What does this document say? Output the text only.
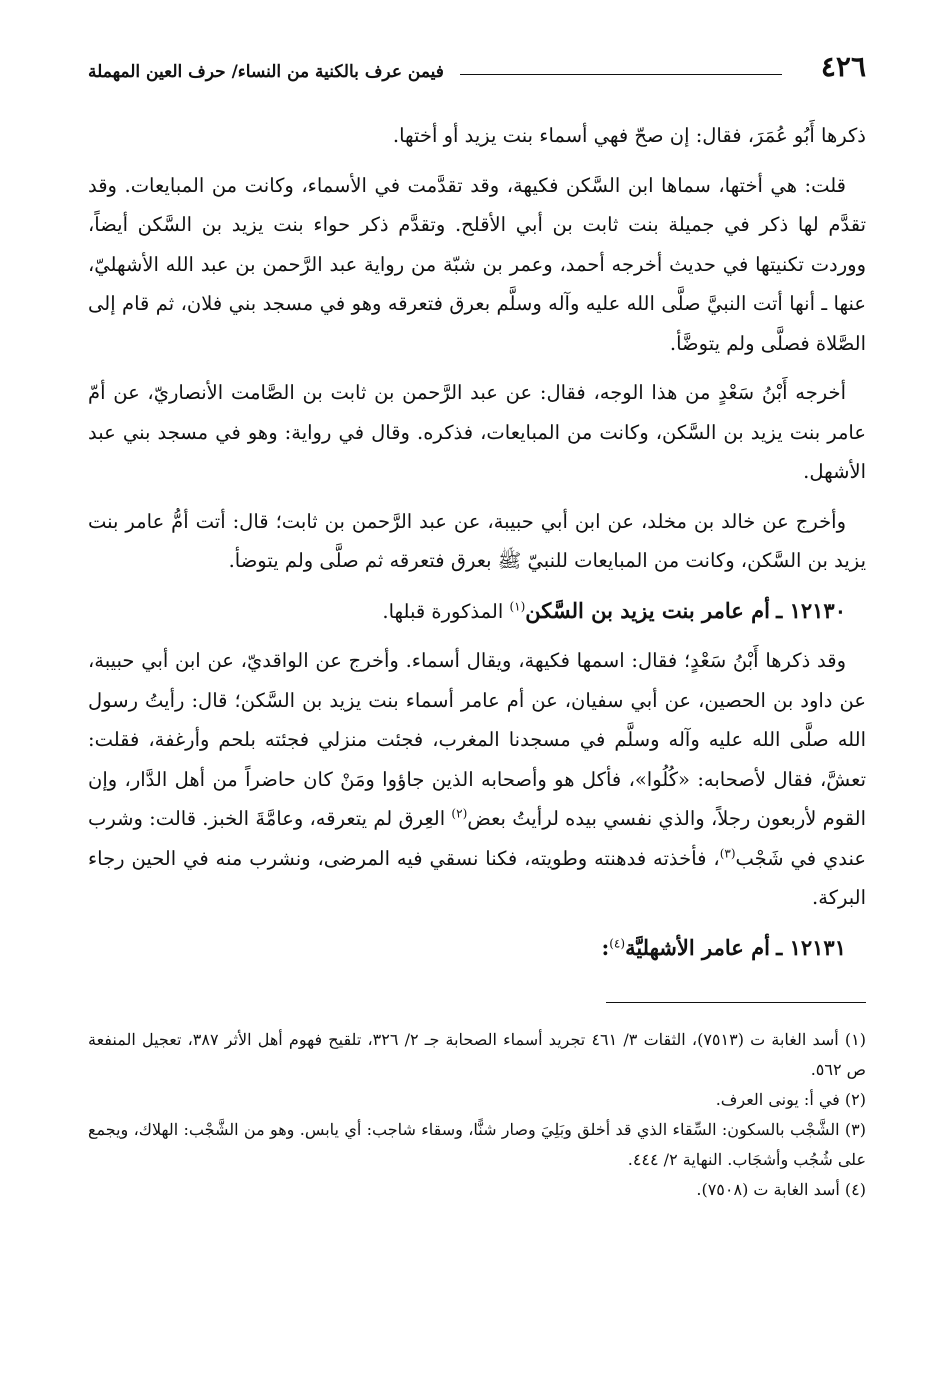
٤٢٦
فيمن عرف بالكنية من النساء/ حرف العين المهملة

ذكرها أَبُو عُمَرَ، فقال: إن صحّ فهي أسماء بنت يزيد أو أختها.

قلت: هي أختها، سماها ابن السَّكن فكيهة، وقد تقدَّمت في الأسماء، وكانت من المبايعات. وقد تقدَّم لها ذكر في جميلة بنت ثابت بن أبي الأقلح. وتقدَّم ذكر حواء بنت يزيد بن السَّكن أيضاً، ووردت تكنيتها في حديث أخرجه أحمد، وعمر بن شبّة من رواية عبد الرَّحمن بن عبد الله الأشهليّ، عنها ـ أنها أتت النبيَّ صلَّى الله عليه وآله وسلَّم بعرق فتعرقه وهو في مسجد بني فلان، ثم قام إلى الصَّلاة فصلَّى ولم يتوضَّأ.

أخرجه أَبْنُ سَعْدٍ من هذا الوجه، فقال: عن عبد الرَّحمن بن ثابت بن الصَّامت الأنصاريّ، عن أمّ عامر بنت يزيد بن السَّكن، وكانت من المبايعات، فذكره. وقال في رواية: وهو في مسجد بني عبد الأشهل.

وأخرج عن خالد بن مخلد، عن ابن أبي حبيبة، عن عبد الرَّحمن بن ثابت؛ قال: أتت أمُّ عامر بنت يزيد بن السَّكن، وكانت من المبايعات للنبيّ ﷺ بعرق فتعرقه ثم صلَّى ولم يتوضأ.

١٢١٣٠ ـ أم عامر بنت يزيد بن السَّكن$^{(١)}$ المذكورة قبلها.

وقد ذكرها أَبْنُ سَعْدٍ؛ فقال: اسمها فكيهة، ويقال أسماء. وأخرج عن الواقديّ، عن ابن أبي حبيبة، عن داود بن الحصين، عن أبي سفيان، عن أم عامر أسماء بنت يزيد بن السَّكن؛ قال: رأيتُ رسول الله صلَّى الله عليه وآله وسلَّم في مسجدنا المغرب، فجئت منزلي فجئته بلحم وأرغفة، فقلت: تعشَّ، فقال لأصحابه: «كُلُوا»، فأكل هو وأصحابه الذين جاؤوا ومَنْ كان حاضراً من أهل الدَّار، وإن القوم لأربعون رجلاً، والذي نفسي بيده لرأيتُ بعض$^{(٢)}$ العِرق لم يتعرقه، وعامَّةَ الخبز. قالت: وشرب عندي في شَجْب$^{(٣)}$، فأخذته فدهنته وطويته، فكنا نسقي فيه المرضى، ونشرب منه في الحين رجاء البركة.

١٢١٣١ ـ أم عامر الأشهليَّة$^{(٤)}$:

(١) أسد الغابة ت (٧٥١٣)، الثقات ٣/ ٤٦١ تجريد أسماء الصحابة جـ ٢/ ٣٢٦، تلقيح فهوم أهل الأثر ٣٨٧، تعجيل المنفعة ص ٥٦٢.

(٢) في أ: يونى العرف.

(٣) الشَّجْب بالسكون: السِّقاء الذي قد أخلق وبَلِيَ وصار شنًّا، وسقاء شاجب: أي يابس. وهو من الشَّجْب: الهلاك، ويجمع على شُجُب وأشجَاب. النهاية ٢/ ٤٤٤.

(٤) أسد الغابة ت (٧٥٠٨).
